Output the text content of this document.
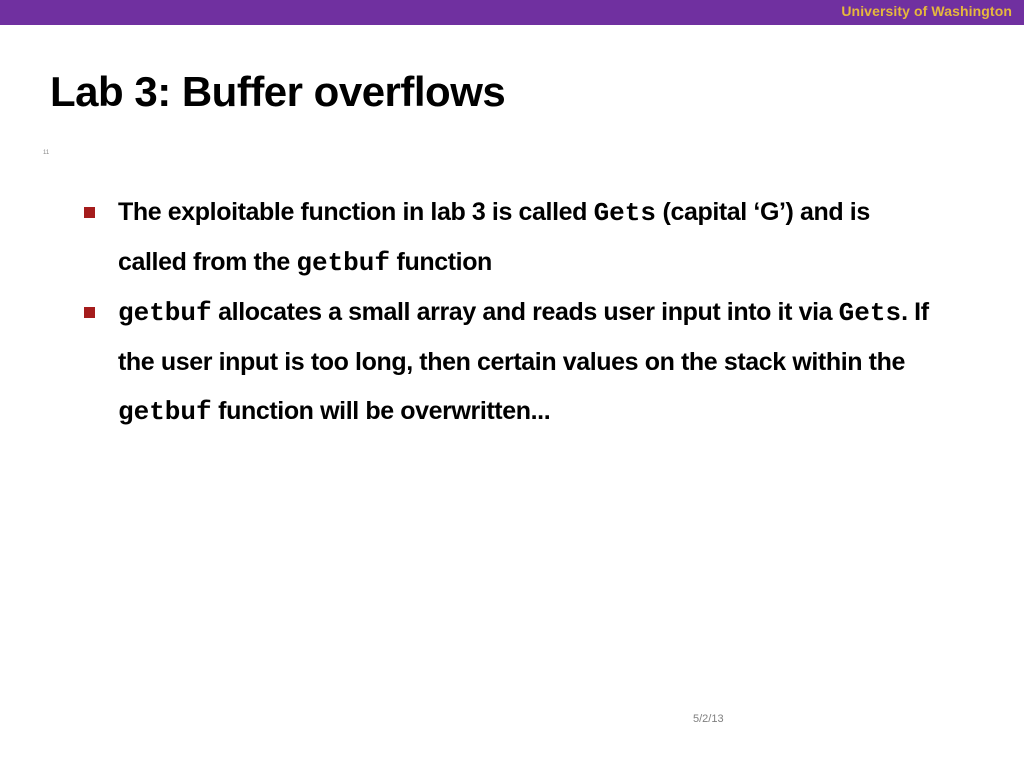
University of Washington
Lab 3: Buffer overflows
11
The exploitable function in lab 3 is called Gets (capital ‘G’) and is called from the getbuf function
getbuf allocates a small array and reads user input into it via Gets. If the user input is too long, then certain values on the stack within the getbuf function will be overwritten...
5/2/13
